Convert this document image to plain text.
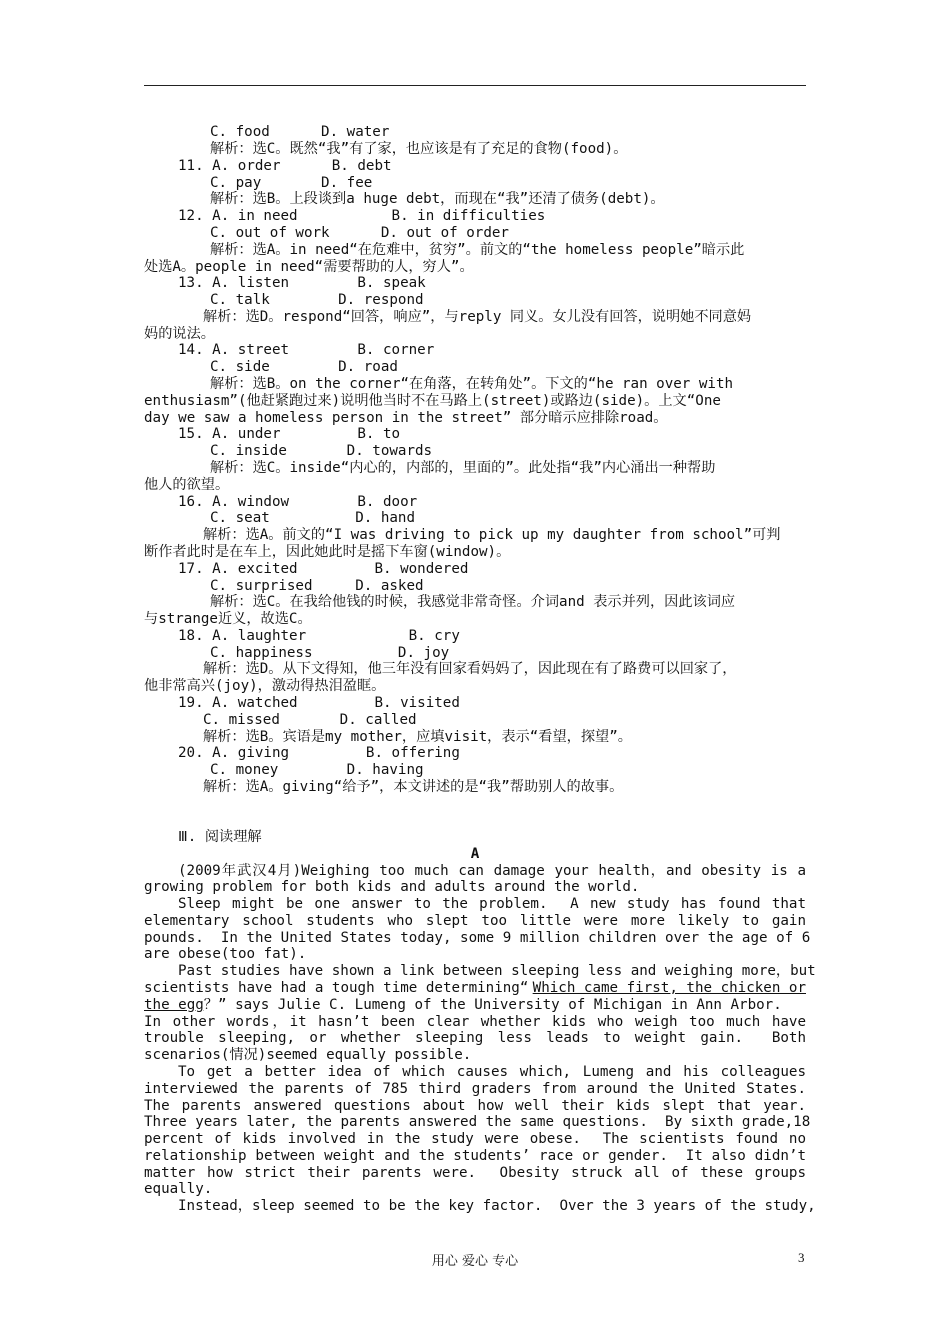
C. food      D. water
解析：选C。既然“我”有了家，也应该是有了充足的食物(food)。
11. A. order      B. debt
C. pay       D. fee
解析：选B。上段谈到a huge debt，而现在“我”还清了债务(debt)。
12. A. in need           B. in difficulties
C. out of work      D. out of order
解析：选A。in need“在危难中，贫穷”。前文的“the homeless people”暗示此
处选A。people in need“需要帮助的人，穷人”。
13. A. listen        B. speak
C. talk        D. respond
解析：选D。respond“回答，响应”，与reply 同义。女儿没有回答，说明她不同意妈
妈的说法。
14. A. street        B. corner
C. side        D. road
解析：选B。on the corner“在角落，在转角处”。下文的“he ran over with
enthusiasm”(他赶紧跑过来)说明他当时不在马路上(street)或路边(side)。上文“One
day we saw a homeless person in the street” 部分暗示应排除road。
15. A. under         B. to
C. inside       D. towards
解析：选C。inside“内心的，内部的，里面的”。此处指“我”内心涌出一种帮助
他人的欲望。
16. A. window        B. door
C. seat          D. hand
解析：选A。前文的“I was driving to pick up my daughter from school”可判
断作者此时是在车上，因此她此时是摇下车窗(window)。
17. A. excited         B. wondered
C. surprised     D. asked
解析：选C。在我给他钱的时候，我感觉非常奇怪。介词and 表示并列，因此该词应
与strange近义，故选C。
18. A. laughter            B. cry
C. happiness          D. joy
解析：选D。从下文得知，他三年没有回家看妈妈了，因此现在有了路费可以回家了，
他非常高兴(joy)，激动得热泪盈眶。
19. A. watched         B. visited
C. missed       D. called
解析：选B。宾语是my mother，应填visit，表示“看望，探望”。
20. A. giving         B. offering
C. money        D. having
解析：选A。giving“给予”，本文讲述的是“我”帮助别人的故事。
Ⅲ. 阅读理解
A
(2009年武汉4月)Weighing too much can damage your health，and obesity is a
growing problem for both kids and adults around the world.
Sleep might be one answer to the problem.  A new study has found that
elementary school students who slept too little were more likely to gain
pounds.  In the United States today, some 9 million children over the age of 6
are obese(too fat).
Past studies have shown a link between sleeping less and weighing more，but
scientists have had a tough time determining“ Which came first, the chicken or
the egg？” says Julie C. Lumeng of the University of Michigan in Ann Arbor.
In other words，it hasn’t been clear whether kids who weigh too much have
trouble sleeping, or whether sleeping less leads to weight gain.  Both
scenarios(情况)seemed equally possible.
To get a better idea of which causes which, Lumeng and his colleagues
interviewed the parents of 785 third graders from around the United States.
The parents answered questions about how well their kids slept that year.
Three years later, the parents answered the same questions.  By sixth grade,18
percent of kids involved in the study were obese.  The scientists found no
relationship between weight and the students’ race or gender.  It also didn’t
matter how strict their parents were.  Obesity struck all of these groups
equally.
Instead，sleep seemed to be the key factor.  Over the 3 years of the study,
用心 爱心 专心	3
